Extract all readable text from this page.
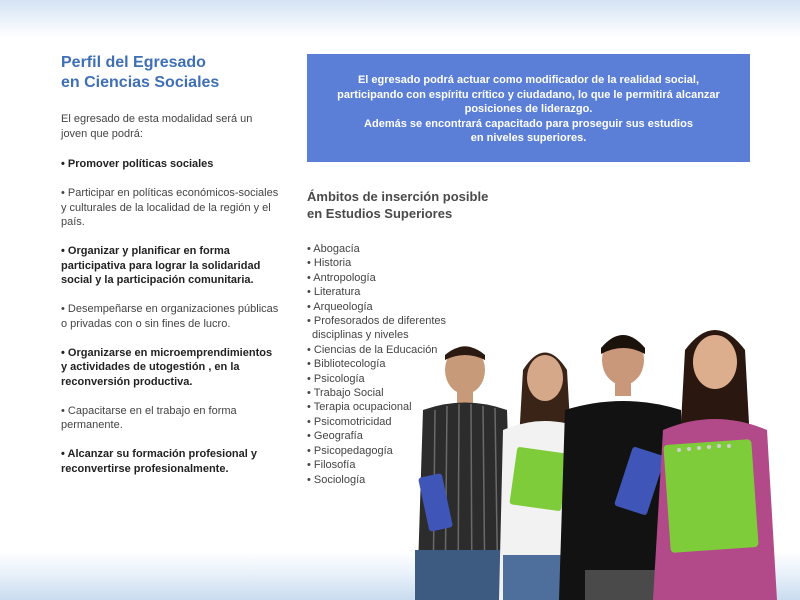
Perfil del Egresado
en Ciencias Sociales

El egresado de esta modalidad será un joven que podrá:

• Promover políticas sociales
• Participar en políticas económicos-sociales y culturales de la localidad de la región y el país.
• Organizar y planificar en forma participativa para lograr la solidaridad social y la participación comunitaria.
• Desempeñarse en organizaciones públicas o privadas con o sin fines de lucro.
• Organizarse en microemprendimientos y actividades de utogestión , en la reconversión productiva.
• Capacitarse en el trabajo en forma permanente.
• Alcanzar su formación profesional y reconvertirse profesionalmente.

El egresado podrá actuar como modificador de la realidad social,

participando con espíritu crítico y ciudadano, lo que le permitirá alcanzar

posiciones de liderazgo.

Además se encontrará capacitado para proseguir sus estudios

en niveles superiores.

Ámbitos de inserción posible
en Estudios Superiores
• Abogacía
• Historia
• Antropología
• Literatura
• Arqueología
• Profesorados de diferentes
disciplinas y niveles
• Ciencias de la Educación
• Bibliotecología
• Psicología
• Trabajo Social
• Terapia ocupacional
• Psicomotricidad
• Geografía
• Psicopedagogía
• Filosofía
• Sociología
